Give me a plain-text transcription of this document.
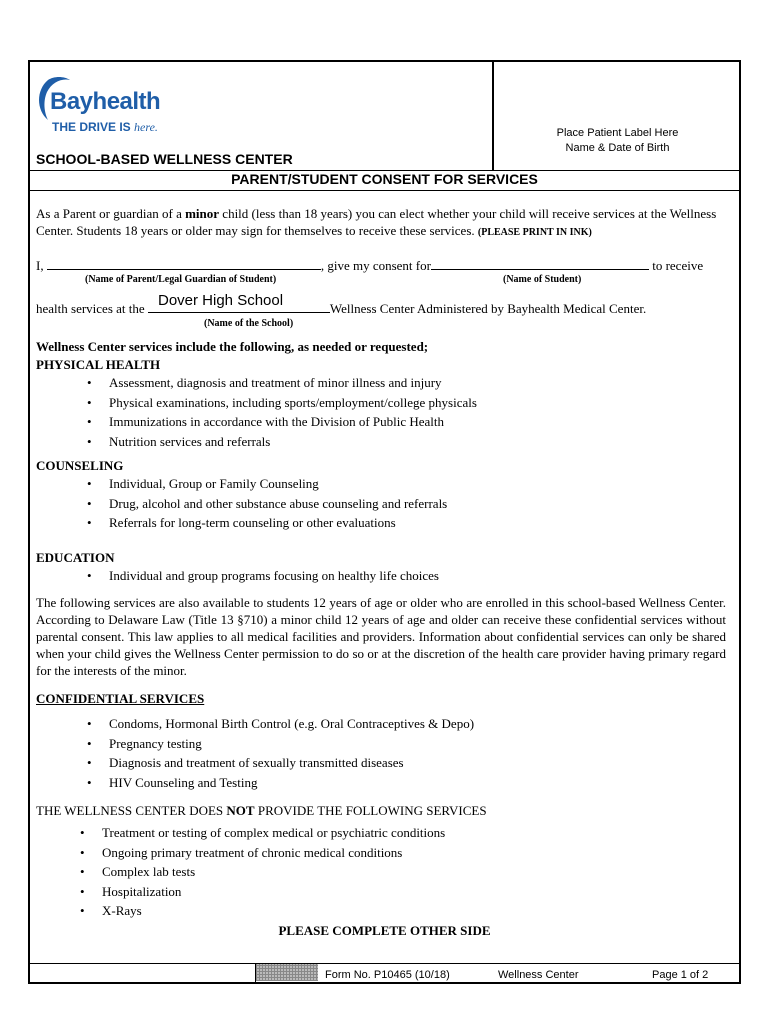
Bayhealth
THE DRIVE IS here.	Place Patient Label Here
Name & Date of Birth
SCHOOL-BASED WELLNESS CENTER
PARENT/STUDENT CONSENT FOR SERVICES
As a Parent or guardian of a minor child (less than 18 years) you can elect whether your child will receive services at the Wellness Center. Students 18 years or older may sign for themselves to receive these services. (PLEASE PRINT IN INK)
I,	, give my consent for	to receive
(Name of Parent/Legal Guardian of Student)	(Name of Student)
health services at the	Wellness Center Administered by Bayhealth Medical Center.
Dover High School
(Name of the School)
Wellness Center services include the following, as needed or requested;
PHYSICAL HEALTH
• Assessment, diagnosis and treatment of minor illness and injury
• Physical examinations, including sports/employment/college physicals
• Immunizations in accordance with the Division of Public Health
• Nutrition services and referrals
COUNSELING
• Individual, Group or Family Counseling
• Drug, alcohol and other substance abuse counseling and referrals
• Referrals for long-term counseling or other evaluations
EDUCATION
• Individual and group programs focusing on healthy life choices
The following services are also available to students 12 years of age or older who are enrolled in this school-based Wellness Center. According to Delaware Law (Title 13 §710) a minor child 12 years of age and older can receive these confidential services without parental consent. This law applies to all medical facilities and providers. Information about confidential services can only be shared when your child gives the Wellness Center permission to do so or at the discretion of the health care provider having primary regard for the interests of the minor.
CONFIDENTIAL SERVICES
• Condoms, Hormonal Birth Control (e.g. Oral Contraceptives & Depo)
• Pregnancy testing
• Diagnosis and treatment of sexually transmitted diseases
• HIV Counseling and Testing
THE WELLNESS CENTER DOES NOT PROVIDE THE FOLLOWING SERVICES
• Treatment or testing of complex medical or psychiatric conditions
• Ongoing primary treatment of chronic medical conditions
• Complex lab tests
• Hospitalization
• X-Rays
PLEASE COMPLETE OTHER SIDE
Form No. P10465 (10/18)	Wellness Center	Page 1 of 2
